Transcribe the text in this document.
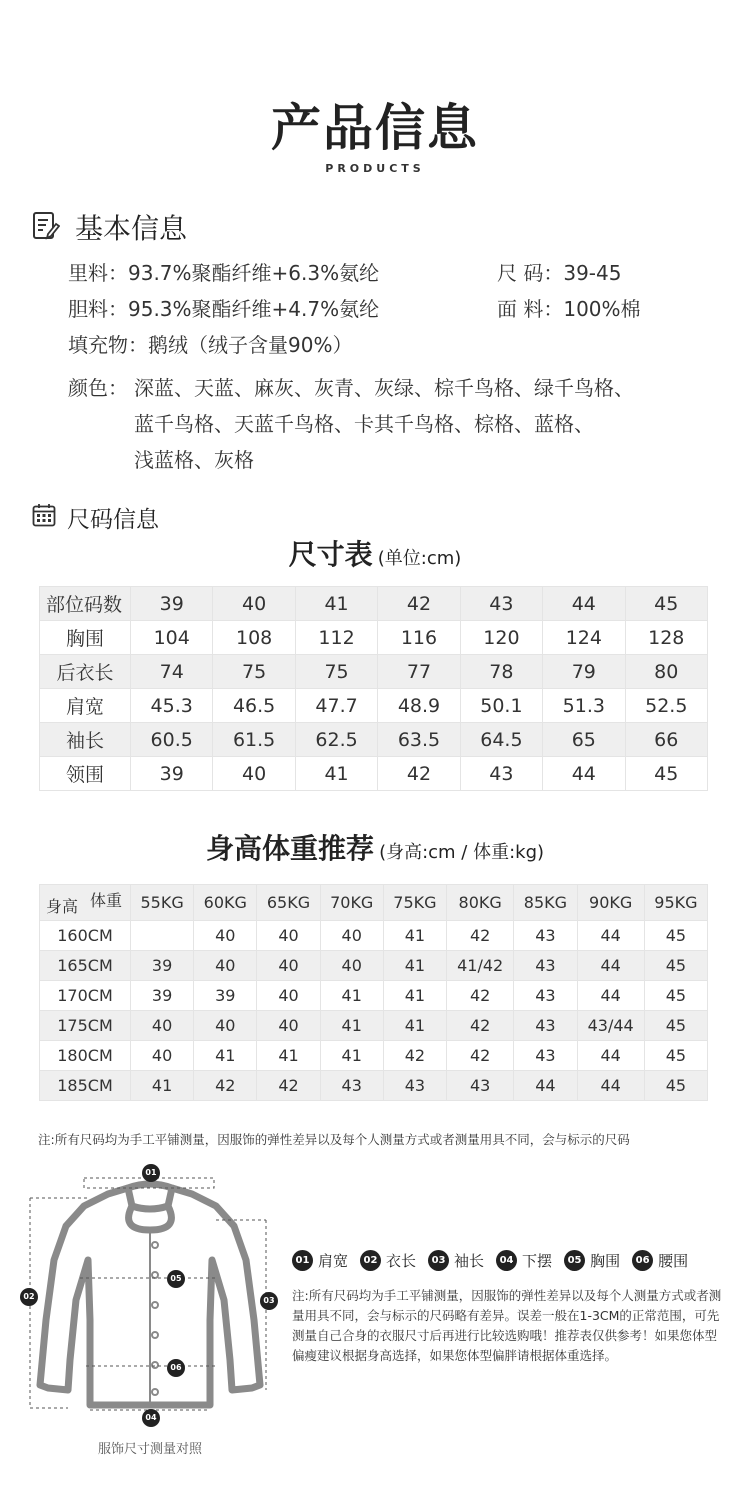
产品信息
PRODUCTS
基本信息
里料：93.7%聚酯纤维+6.3%氨纶	尺 码：39-45
胆料：95.3%聚酯纤维+4.7%氨纶	面 料：100%棉
填充物：鹅绒（绒子含量90%）
颜色： 深蓝、天蓝、麻灰、灰青、灰绿、棕千鸟格、绿千鸟格、
蓝千鸟格、天蓝千鸟格、卡其千鸟格、棕格、蓝格、
浅蓝格、灰格
尺码信息
尺寸表 (单位:cm)
码数
部位	39	40	41	42	43	44	45
胸围	104	108	112	116	120	124	128
后衣长	74	75	75	77	78	79	80
肩宽	45.3	46.5	47.7	48.9	50.1	51.3	52.5
袖长	60.5	61.5	62.5	63.5	64.5	65	66
领围	39	40	41	42	43	44	45
身高体重推荐 (身高:cm / 体重:kg)
体重
身高	55KG	60KG	65KG	70KG	75KG	80KG	85KG	90KG	95KG
160CM		40	40	40	41	42	43	44	45
165CM	39	40	40	40	41	41/42	43	44	45
170CM	39	39	40	41	41	42	43	44	45
175CM	40	40	40	41	41	42	43	43/44	45
180CM	40	41	41	41	42	42	43	44	45
185CM	41	42	42	43	43	43	44	44	45
注:所有尺码均为手工平铺测量，因服饰的弹性差异以及每个人测量方式或者测量用具不同，会与标示的尺码
01
02	03
04
05
06
01 肩宽	02 衣长	03 袖长	04 下摆	05 胸围	06 腰围
注:所有尺码均为手工平铺测量，因服饰的弹性差异以及每个人测量方式或者测量用具不同，会与标示的尺码略有差异。误差一般在1-3CM的正常范围，可先测量自己合身的衣服尺寸后再进行比较选购哦！推荐表仅供参考！如果您体型偏瘦建议根据身高选择，如果您体型偏胖请根据体重选择。
服饰尺寸测量对照
